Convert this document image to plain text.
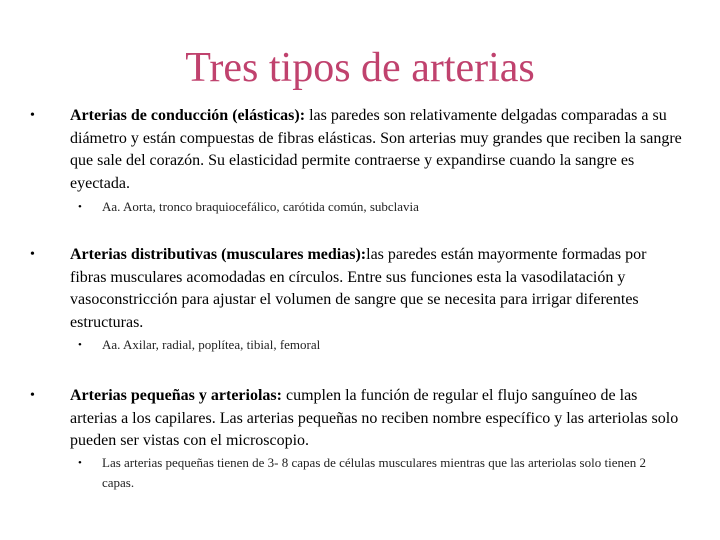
Tres tipos de arterias
• Arterias de conducción (elásticas): las paredes son relativamente delgadas comparadas a su diámetro y están compuestas de fibras elásticas. Son arterias muy grandes que reciben la sangre que sale del corazón. Su elasticidad permite contraerse y expandirse cuando la sangre es eyectada.
• Aa. Aorta, tronco braquiocefálico, carótida común, subclavia
• Arterias distributivas (musculares medias):las paredes están mayormente formadas por fibras musculares acomodadas en círculos. Entre sus funciones esta la vasodilatación y vasoconstricción para ajustar el volumen de sangre que se necesita para irrigar diferentes estructuras.
• Aa. Axilar, radial, poplítea, tibial, femoral
• Arterias pequeñas y arteriolas: cumplen la función de regular el flujo sanguíneo de las arterias a los capilares. Las arterias pequeñas no reciben nombre específico y las arteriolas solo pueden ser vistas con el microscopio.
• Las arterias pequeñas tienen de 3- 8 capas de células musculares mientras que las arteriolas solo tienen 2 capas.
